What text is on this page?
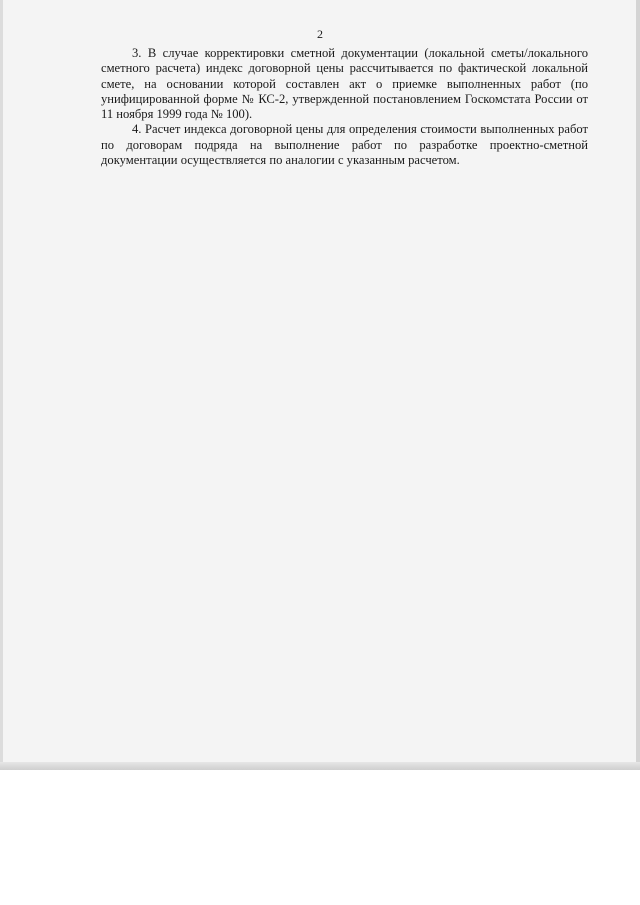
2

3. В случае корректировки сметной документации (локальной сметы/локального сметного расчета) индекс договорной цены рассчитывается по фактической локальной смете, на основании которой составлен акт о приемке выполненных работ (по унифицированной форме № КС-2, утвержденной постановлением Госкомстата России от 11 ноября 1999 года № 100).

4. Расчет индекса договорной цены для определения стоимости выполненных работ по договорам подряда на выполнение работ по разработке проектно-сметной документации осуществляется по аналогии с указанным расчетом.
